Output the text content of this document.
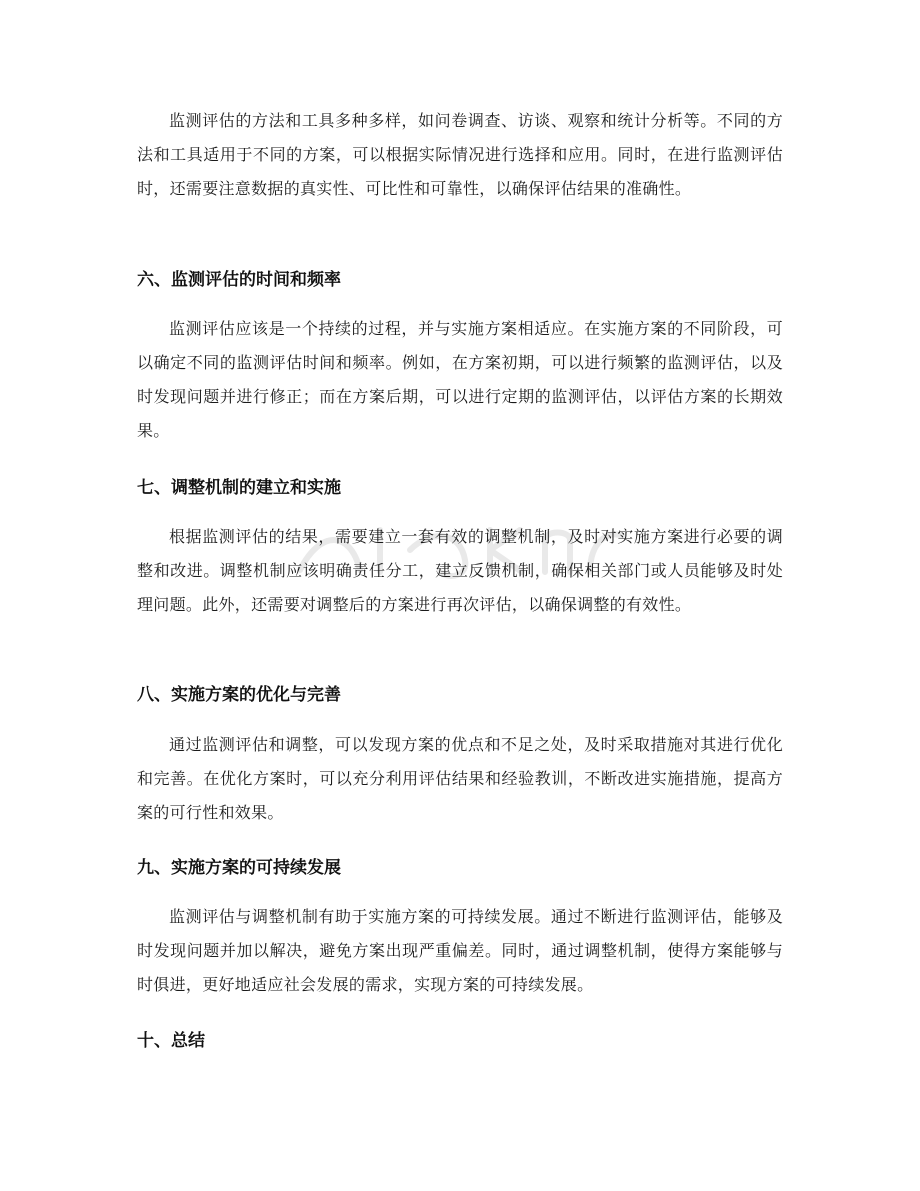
监测评估的方法和工具多种多样，如问卷调查、访谈、观察和统计分析等。不同的方法和工具适用于不同的方案，可以根据实际情况进行选择和应用。同时，在进行监测评估时，还需要注意数据的真实性、可比性和可靠性，以确保评估结果的准确性。

六、监测评估的时间和频率

监测评估应该是一个持续的过程，并与实施方案相适应。在实施方案的不同阶段，可以确定不同的监测评估时间和频率。例如，在方案初期，可以进行频繁的监测评估，以及时发现问题并进行修正；而在方案后期，可以进行定期的监测评估，以评估方案的长期效果。

七、调整机制的建立和实施

根据监测评估的结果，需要建立一套有效的调整机制，及时对实施方案进行必要的调整和改进。调整机制应该明确责任分工，建立反馈机制，确保相关部门或人员能够及时处理问题。此外，还需要对调整后的方案进行再次评估，以确保调整的有效性。

八、实施方案的优化与完善

通过监测评估和调整，可以发现方案的优点和不足之处，及时采取措施对其进行优化和完善。在优化方案时，可以充分利用评估结果和经验教训，不断改进实施措施，提高方案的可行性和效果。

九、实施方案的可持续发展

监测评估与调整机制有助于实施方案的可持续发展。通过不断进行监测评估，能够及时发现问题并加以解决，避免方案出现严重偏差。同时，通过调整机制，使得方案能够与时俱进，更好地适应社会发展的需求，实现方案的可持续发展。

十、总结
